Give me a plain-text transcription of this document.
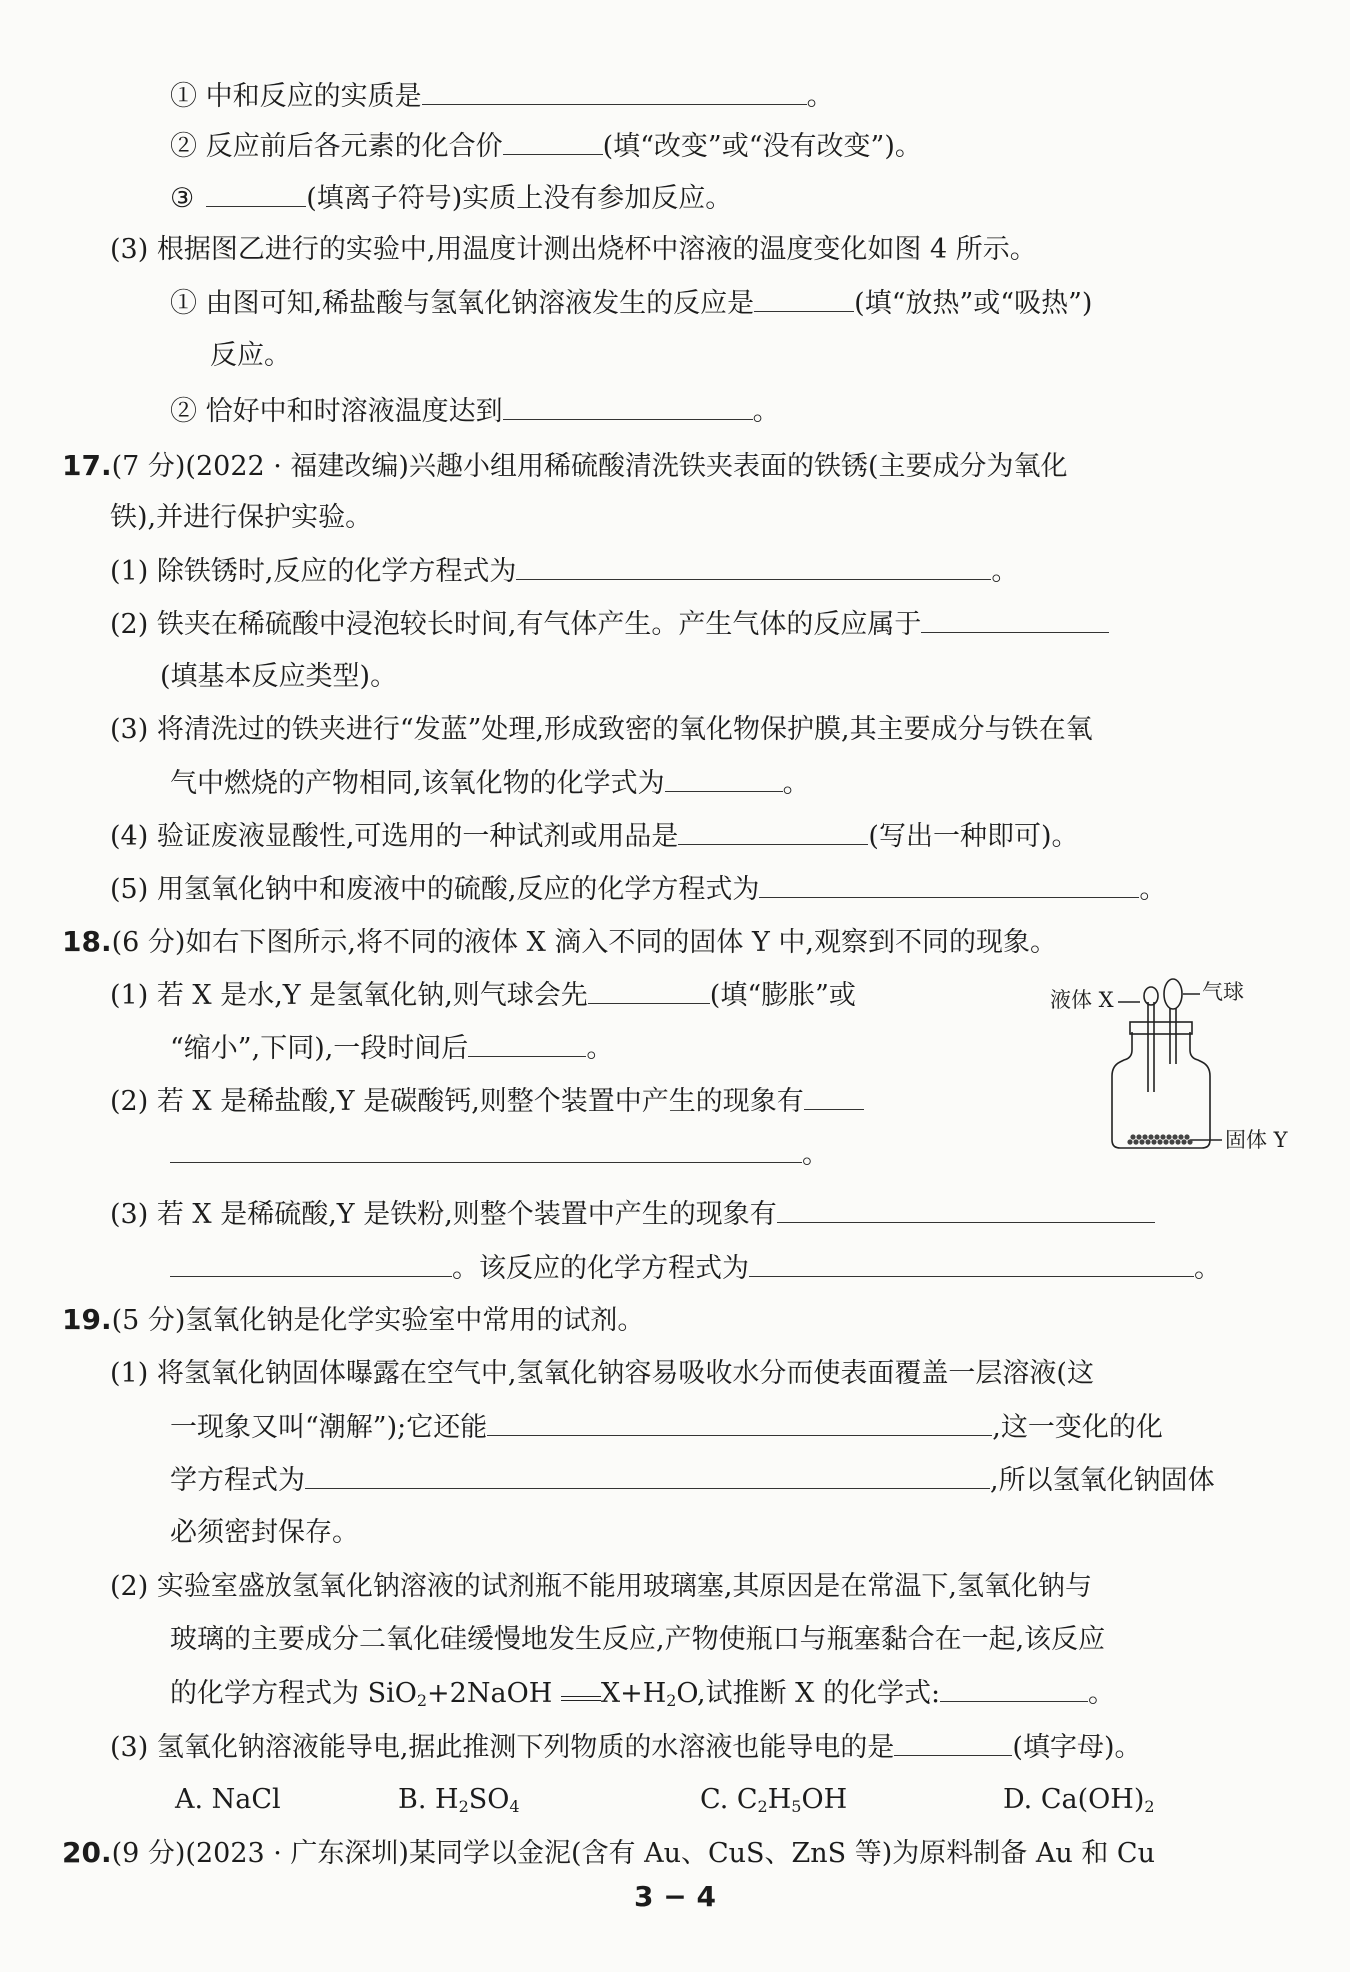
① 中和反应的实质是	。
② 反应前后各元素的化合价	(填“改变”或“没有改变”)。
③	(填离子符号)实质上没有参加反应。
(3) 根据图乙进行的实验中,用温度计测出烧杯中溶液的温度变化如图 4 所示。
① 由图可知,稀盐酸与氢氧化钠溶液发生的反应是	(填“放热”或“吸热”)
反应。
② 恰好中和时溶液温度达到	。
17.(7 分)(2022 · 福建改编)兴趣小组用稀硫酸清洗铁夹表面的铁锈(主要成分为氧化
铁),并进行保护实验。
(1) 除铁锈时,反应的化学方程式为	。
(2) 铁夹在稀硫酸中浸泡较长时间,有气体产生。产生气体的反应属于
(填基本反应类型)。
(3) 将清洗过的铁夹进行“发蓝”处理,形成致密的氧化物保护膜,其主要成分与铁在氧
气中燃烧的产物相同,该氧化物的化学式为	。
(4) 验证废液显酸性,可选用的一种试剂或用品是	(写出一种即可)。
(5) 用氢氧化钠中和废液中的硫酸,反应的化学方程式为	。
18.(6 分)如右下图所示,将不同的液体 X 滴入不同的固体 Y 中,观察到不同的现象。
(1) 若 X 是水,Y 是氢氧化钠,则气球会先	(填“膨胀”或
“缩小”,下同),一段时间后	。
(2) 若 X 是稀盐酸,Y 是碳酸钙,则整个装置中产生的现象有
。
(3) 若 X 是稀硫酸,Y 是铁粉,则整个装置中产生的现象有
。该反应的化学方程式为	。
液体 X	气球
固体 Y
19.(5 分)氢氧化钠是化学实验室中常用的试剂。
(1) 将氢氧化钠固体曝露在空气中,氢氧化钠容易吸收水分而使表面覆盖一层溶液(这
一现象又叫“潮解”);它还能	,这一变化的化
学方程式为	,所以氢氧化钠固体
必须密封保存。
(2) 实验室盛放氢氧化钠溶液的试剂瓶不能用玻璃塞,其原因是在常温下,氢氧化钠与
玻璃的主要成分二氧化硅缓慢地发生反应,产物使瓶口与瓶塞黏合在一起,该反应
的化学方程式为 SiO$_2$+2NaOH $X+H_2O$,试推断 X 的化学式:	。
(3) 氢氧化钠溶液能导电,据此推测下列物质的水溶液也能导电的是	(填字母)。
A. NaCl	B. $H_2SO_4$	C. $C_2H_5OH$	D. $Ca(OH)_2$
20.(9 分)(2023 · 广东深圳)某同学以金泥(含有 Au、CuS、ZnS 等)为原料制备 Au 和 Cu
3 − 4
